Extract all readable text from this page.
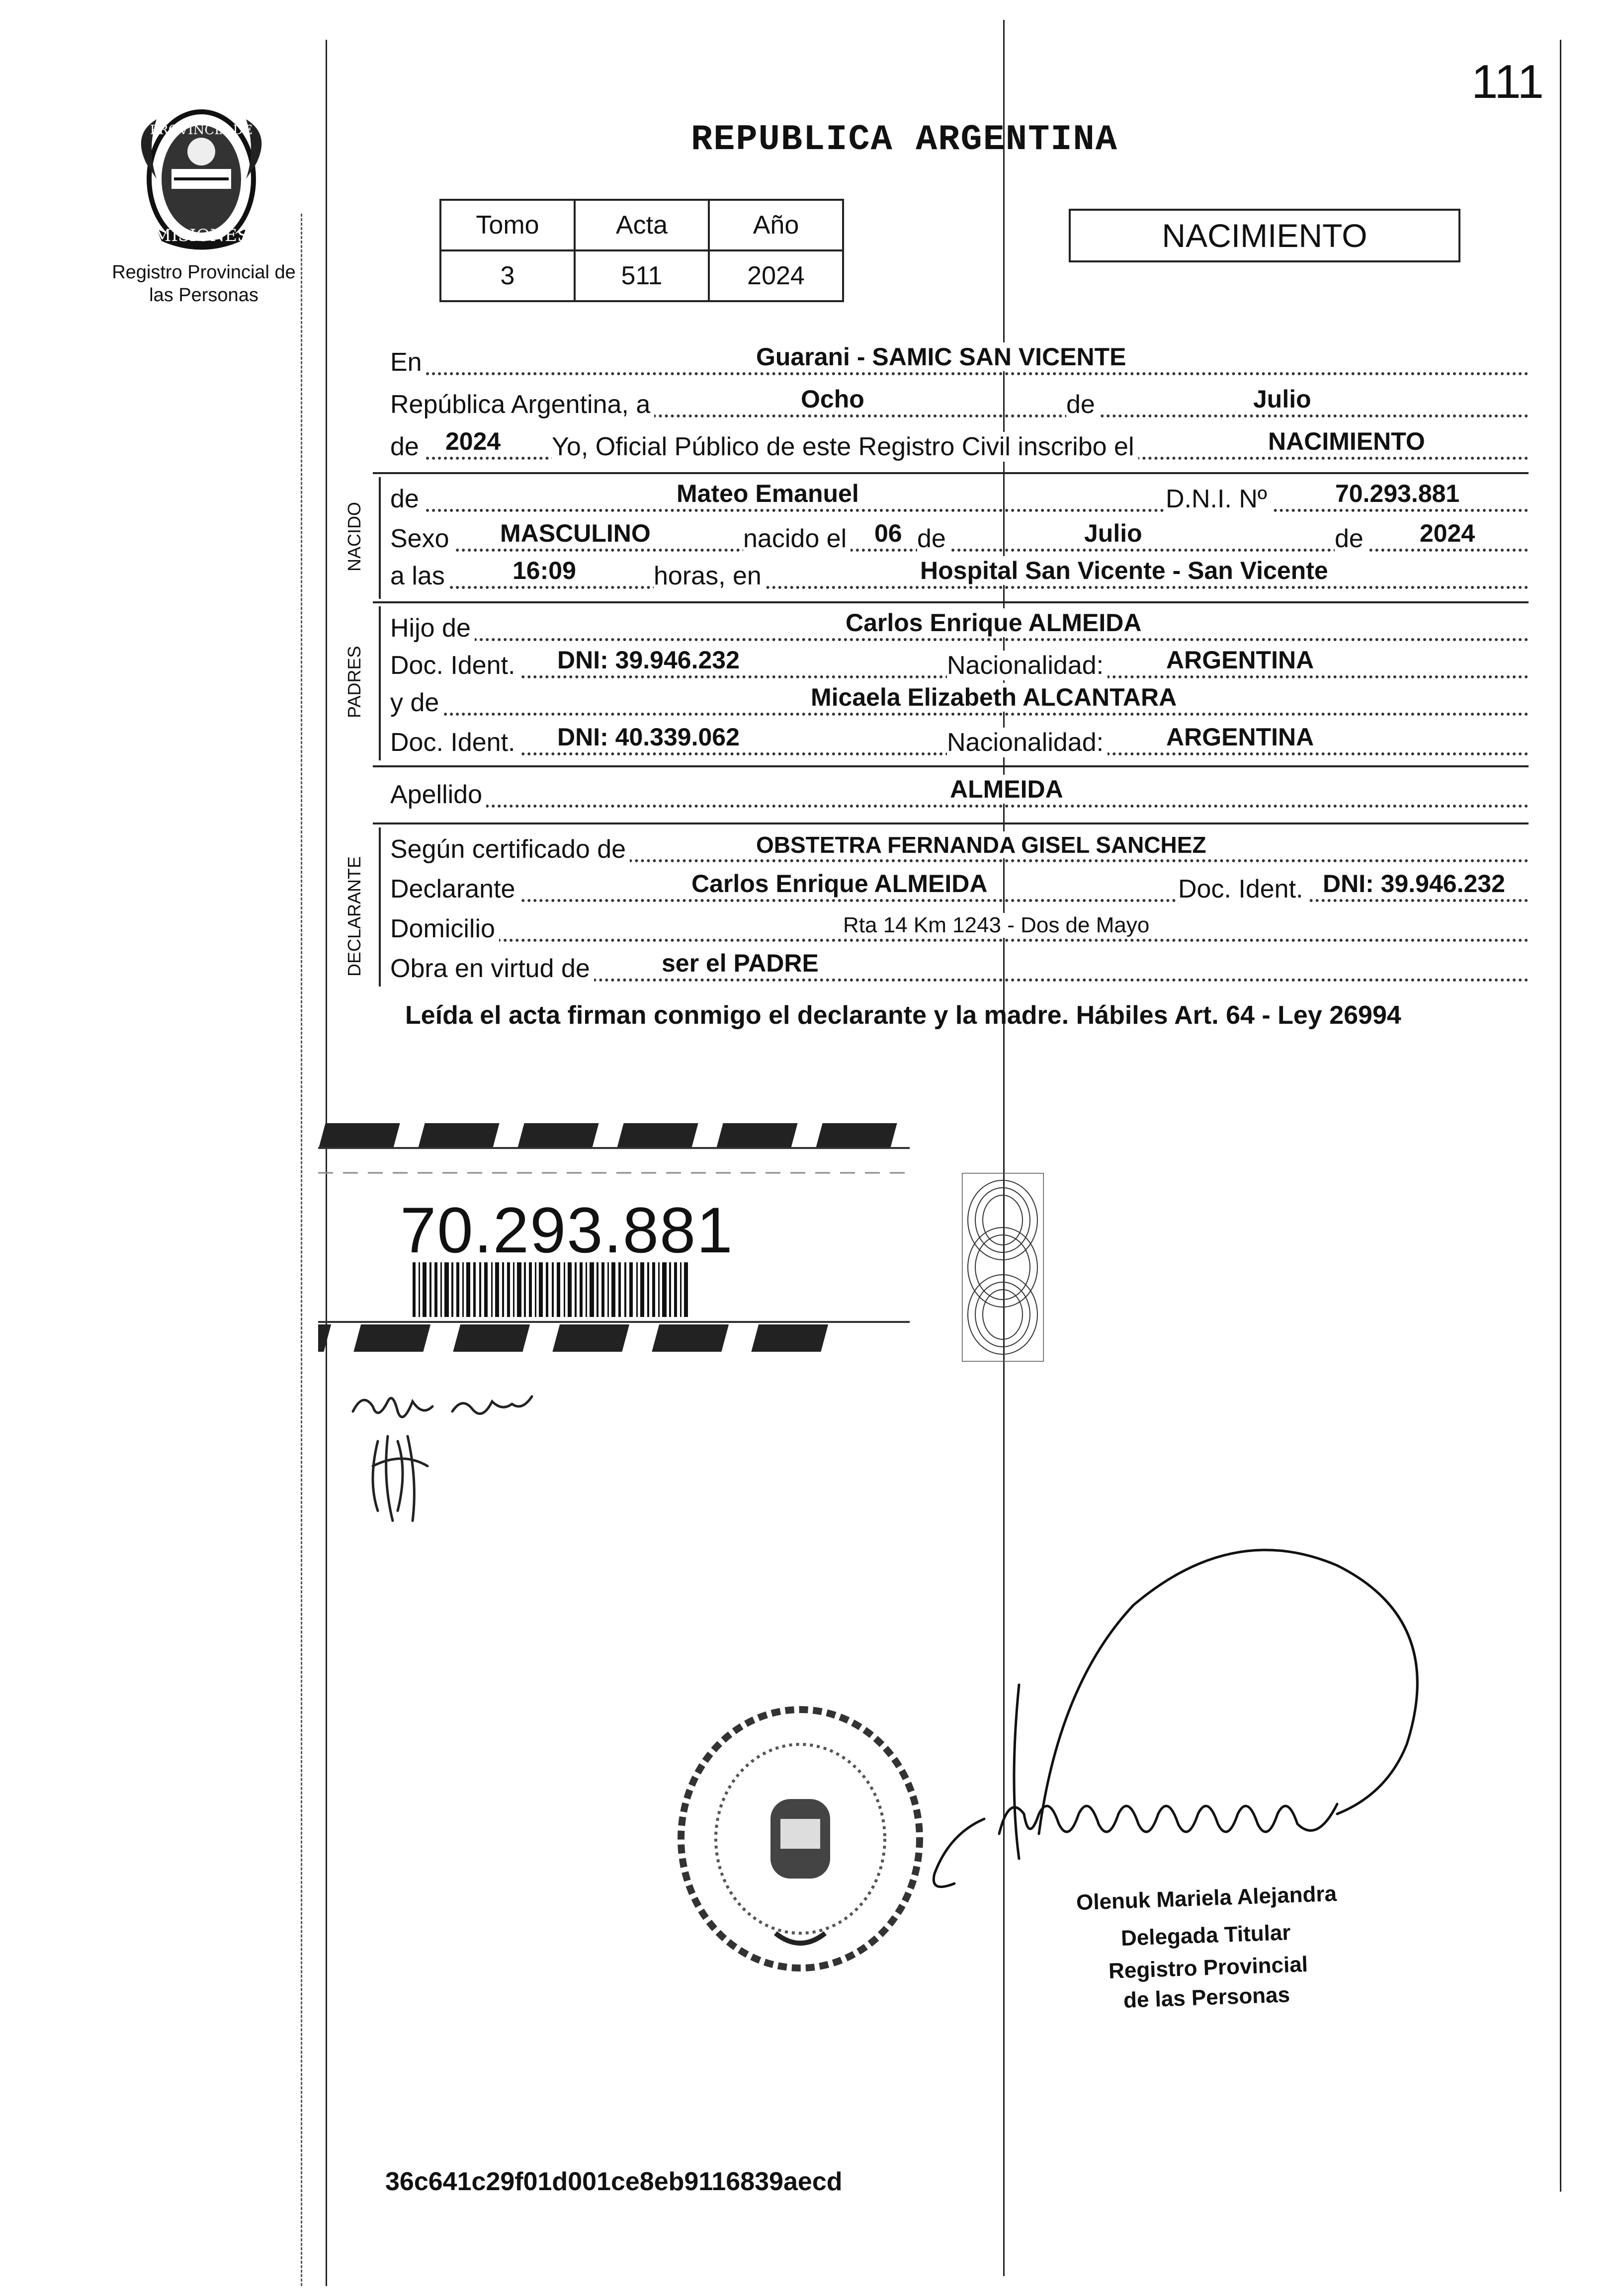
111
PROVINCIA DE
MISIONES
Registro Provincial de las Personas
REPUBLICA ARGENTINA
Tomo	Acta	Año
3	511	2024
NACIMIENTO
En	Guarani - SAMIC SAN VICENTE
República Argentina, a	Ocho	de	Julio
de 2024 Yo, Oficial Público de este Registro Civil inscribo el	NACIMIENTO
NACIDO
de	Mateo Emanuel	D.N.I. Nº	70.293.881
Sexo MASCULINO	nacido el 06 de	Julio	de 2024
a las	16:09	horas, en	Hospital San Vicente - San Vicente
PADRES
Hijo de	Carlos Enrique ALMEIDA
Doc. Ident. DNI: 39.946.232	Nacionalidad:	ARGENTINA
y de	Micaela Elizabeth ALCANTARA
Doc. Ident. DNI: 40.339.062	Nacionalidad:	ARGENTINA
Apellido	ALMEIDA
DECLARANTE
Según certificado de	OBSTETRA FERNANDA GISEL SANCHEZ
Declarante	Carlos Enrique ALMEIDA	Doc. Ident. DNI: 39.946.232
Domicilio	Rta 14 Km 1243 - Dos de Mayo
Obra en virtud de	ser el PADRE
Leída el acta firman conmigo el declarante y la madre. Hábiles Art. 64 - Ley 26994
70.293.881
Olenuk Mariela Alejandra
Delegada Titular
Registro Provincial
de las Personas
36c641c29f01d001ce8eb9116839aecd
